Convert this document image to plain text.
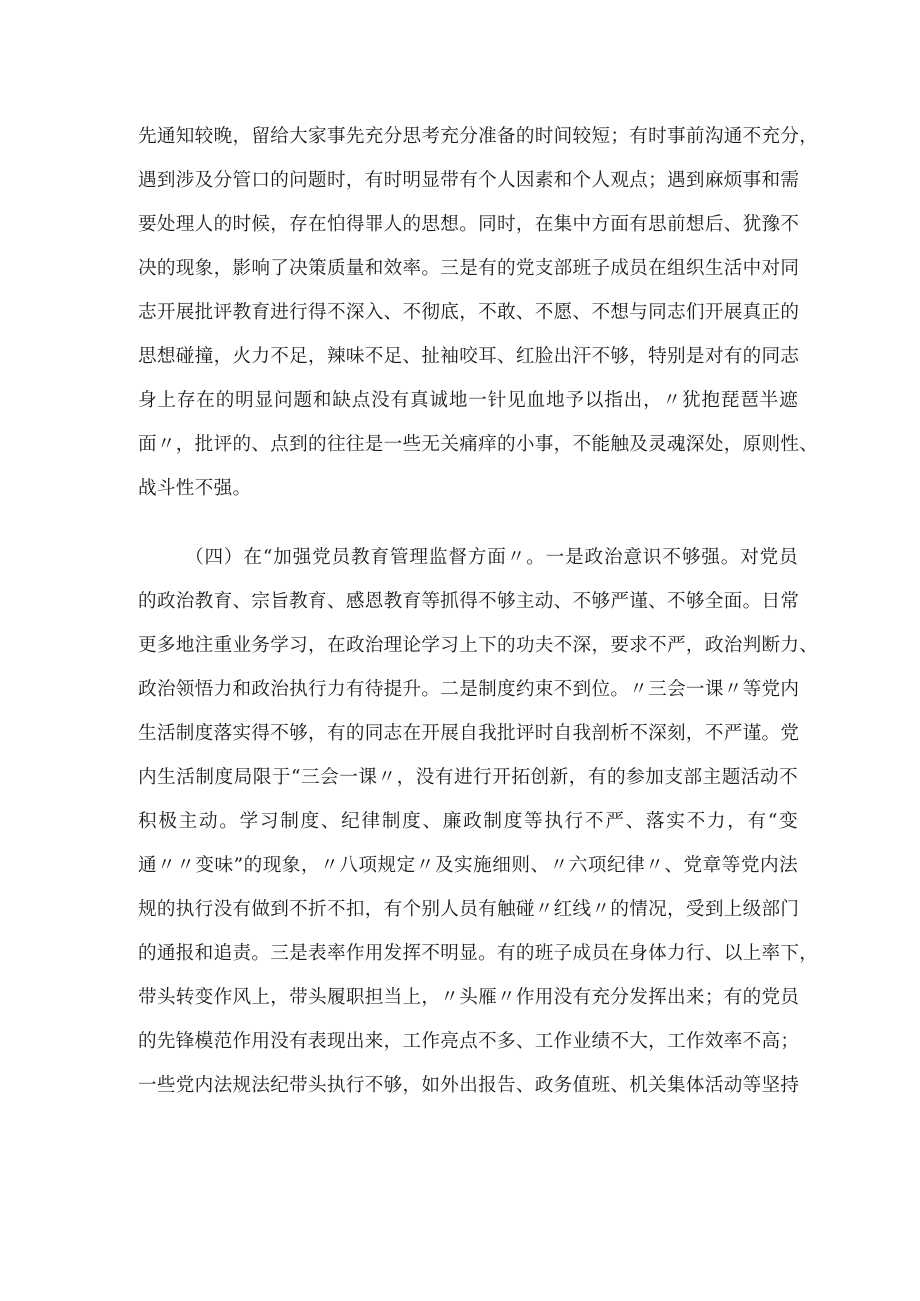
先通知较晚，留给大家事先充分思考充分准备的时间较短；有时事前沟通不充分，
遇到涉及分管口的问题时，有时明显带有个人因素和个人观点；遇到麻烦事和需
要处理人的时候，存在怕得罪人的思想。同时，在集中方面有思前想后、犹豫不
决的现象，影响了决策质量和效率。三是有的党支部班子成员在组织生活中对同
志开展批评教育进行得不深入、不彻底，不敢、不愿、不想与同志们开展真正的
思想碰撞，火力不足，辣味不足、扯袖咬耳、红脸出汗不够，特别是对有的同志
身上存在的明显问题和缺点没有真诚地一针见血地予以指出，〃犹抱琵琶半遮
面〃，批评的、点到的往往是一些无关痛痒的小事，不能触及灵魂深处，原则性、
战斗性不强。
（四）在“加强党员教育管理监督方面〃。一是政治意识不够强。对党员
的政治教育、宗旨教育、感恩教育等抓得不够主动、不够严谨、不够全面。日常
更多地注重业务学习，在政治理论学习上下的功夫不深，要求不严，政治判断力、
政治领悟力和政治执行力有待提升。二是制度约束不到位。〃三会一课〃等党内
生活制度落实得不够，有的同志在开展自我批评时自我剖析不深刻，不严谨。党
内生活制度局限于“三会一课〃，没有进行开拓创新，有的参加支部主题活动不
积极主动。学习制度、纪律制度、廉政制度等执行不严、落实不力，有“变
通〃〃变味”的现象，〃八项规定〃及实施细则、〃六项纪律〃、党章等党内法
规的执行没有做到不折不扣，有个别人员有触碰〃红线〃的情况，受到上级部门
的通报和追责。三是表率作用发挥不明显。有的班子成员在身体力行、以上率下，
带头转变作风上，带头履职担当上，〃头雁〃作用没有充分发挥出来；有的党员
的先锋模范作用没有表现出来，工作亮点不多、工作业绩不大，工作效率不高；
一些党内法规法纪带头执行不够，如外出报告、政务值班、机关集体活动等坚持
